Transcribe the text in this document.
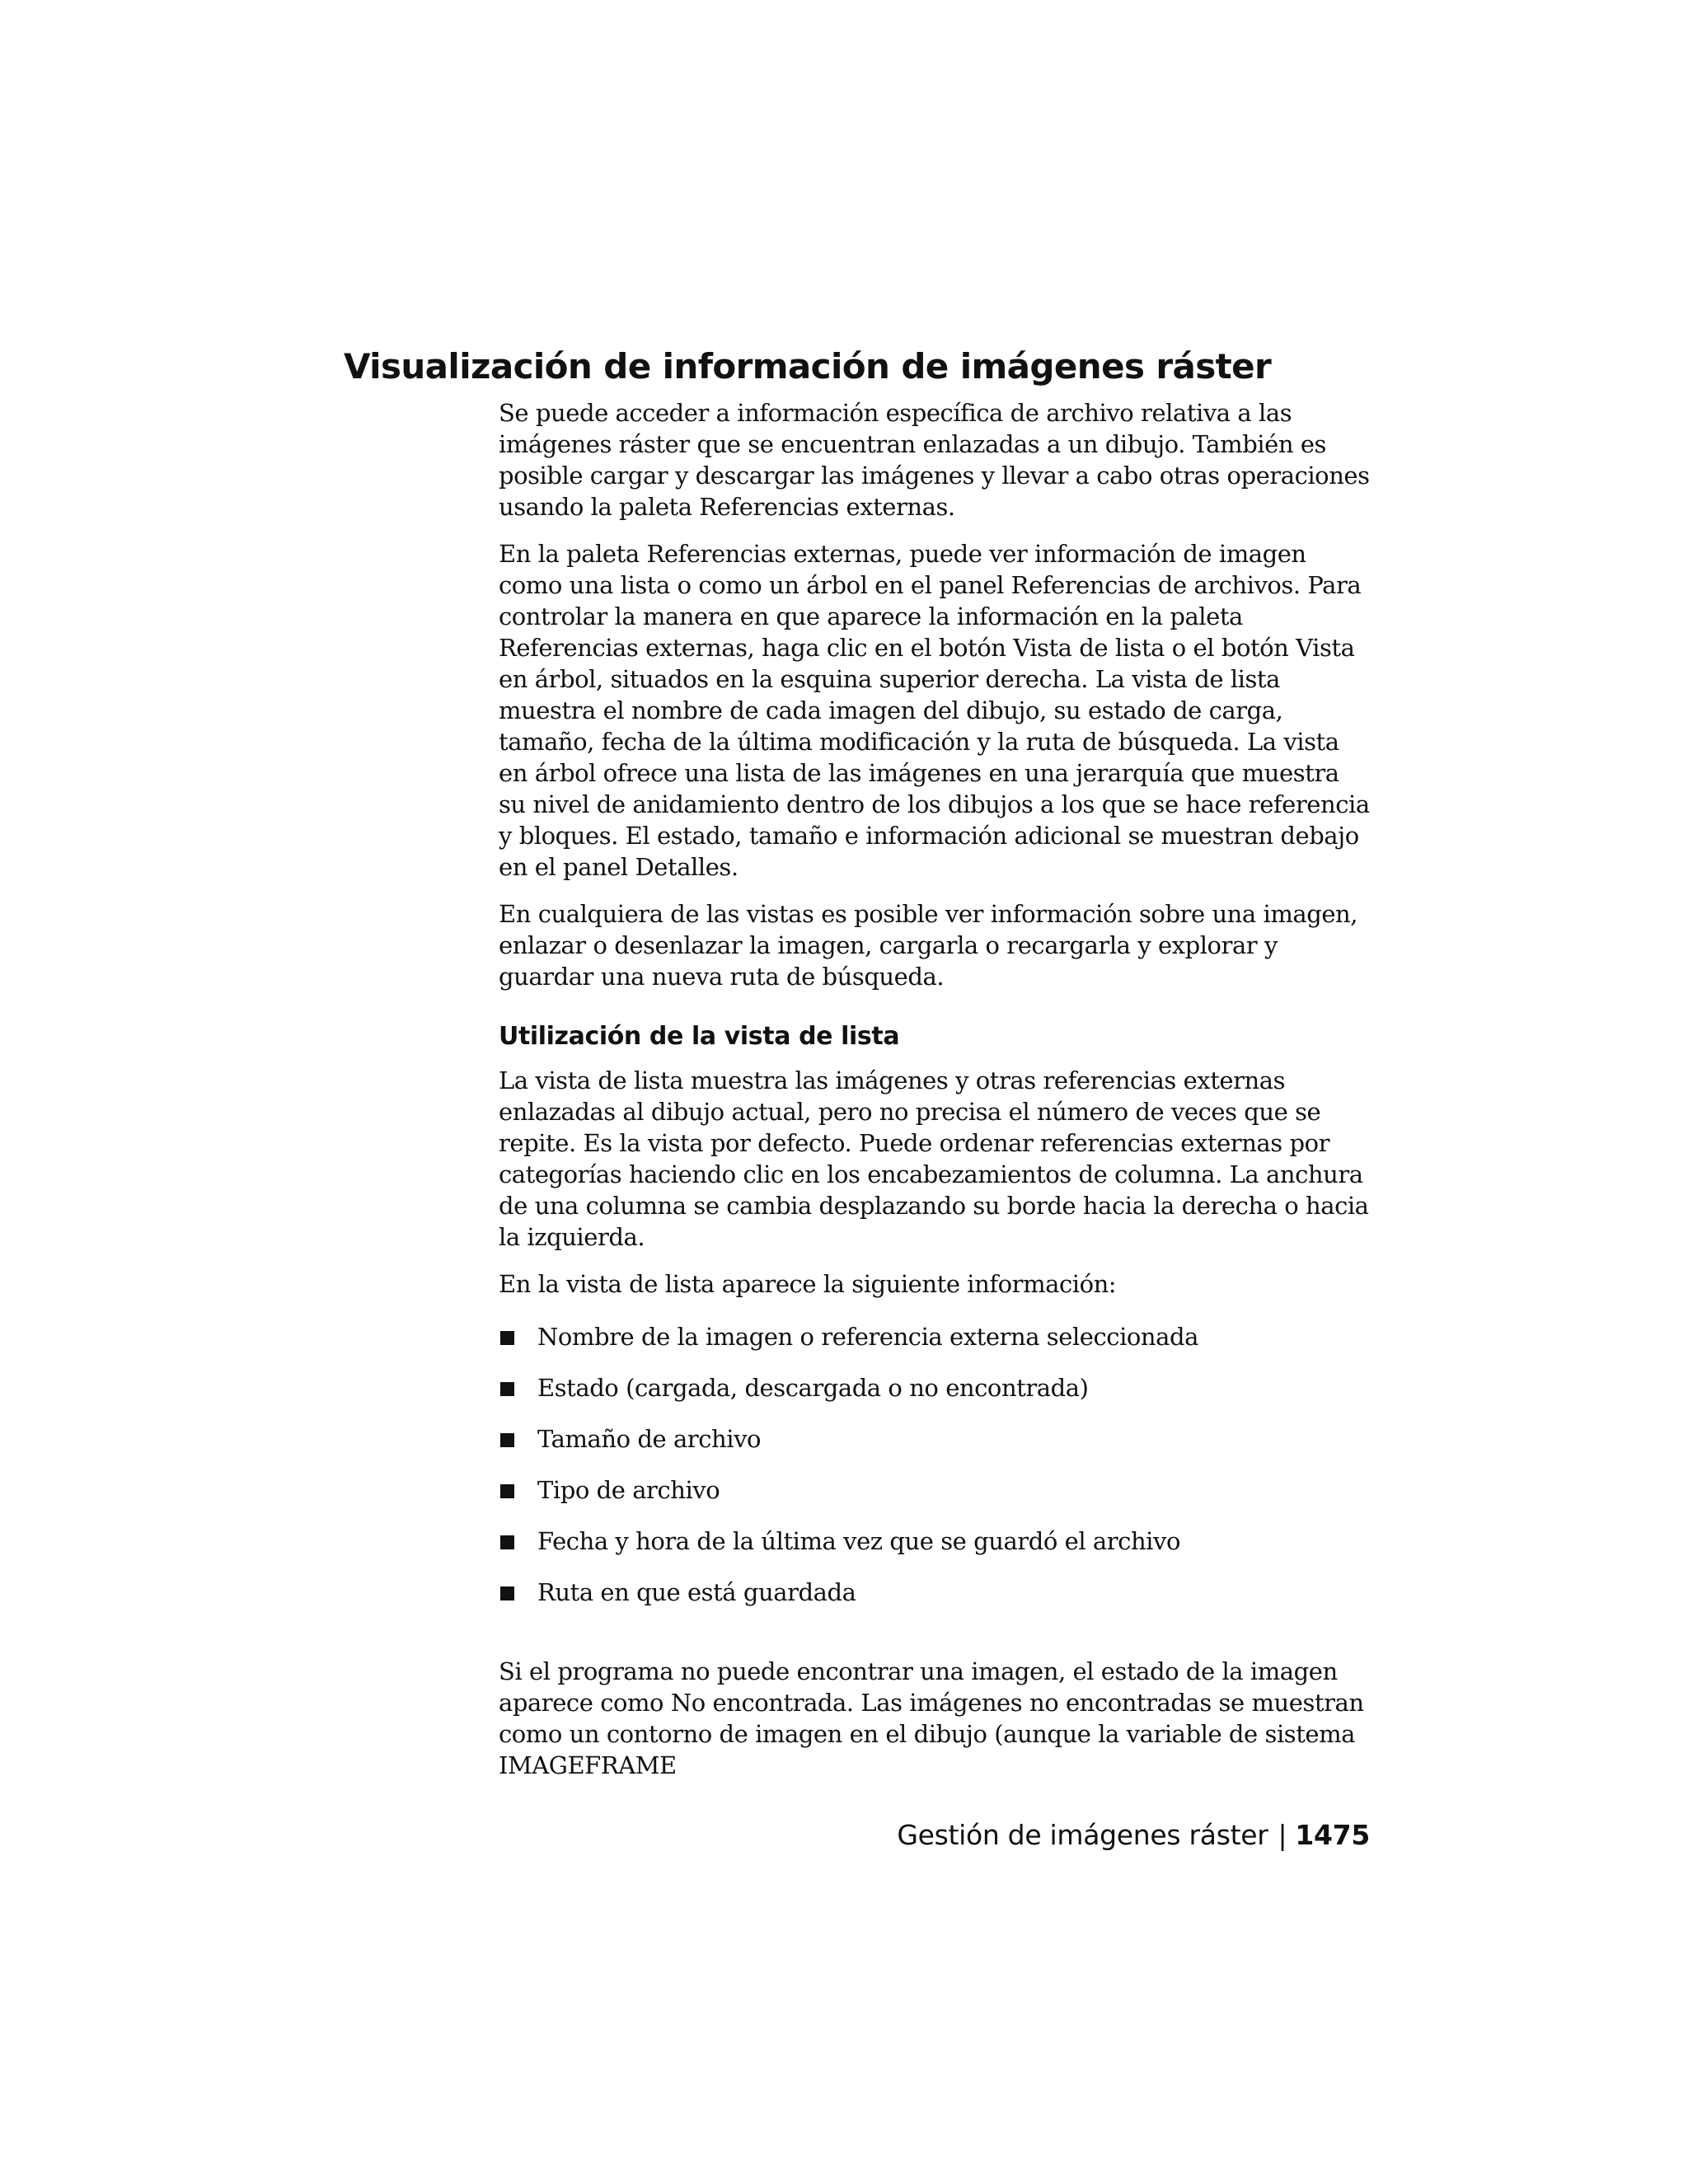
Visualización de información de imágenes ráster

Se puede acceder a información específica de archivo relativa a las imágenes ráster que se encuentran enlazadas a un dibujo. También es posible cargar y descargar las imágenes y llevar a cabo otras operaciones usando la paleta Referencias externas.

En la paleta Referencias externas, puede ver información de imagen como una lista o como un árbol en el panel Referencias de archivos. Para controlar la manera en que aparece la información en la paleta Referencias externas, haga clic en el botón Vista de lista o el botón Vista en árbol, situados en la esquina superior derecha. La vista de lista muestra el nombre de cada imagen del dibujo, su estado de carga, tamaño, fecha de la última modificación y la ruta de búsqueda. La vista en árbol ofrece una lista de las imágenes en una jerarquía que muestra su nivel de anidamiento dentro de los dibujos a los que se hace referencia y bloques. El estado, tamaño e información adicional se muestran debajo en el panel Detalles.

En cualquiera de las vistas es posible ver información sobre una imagen, enlazar o desenlazar la imagen, cargarla o recargarla y explorar y guardar una nueva ruta de búsqueda.

Utilización de la vista de lista

La vista de lista muestra las imágenes y otras referencias externas enlazadas al dibujo actual, pero no precisa el número de veces que se repite. Es la vista por defecto. Puede ordenar referencias externas por categorías haciendo clic en los encabezamientos de columna. La anchura de una columna se cambia desplazando su borde hacia la derecha o hacia la izquierda.

En la vista de lista aparece la siguiente información:

Nombre de la imagen o referencia externa seleccionada
Estado (cargada, descargada o no encontrada)
Tamaño de archivo
Tipo de archivo
Fecha y hora de la última vez que se guardó el archivo
Ruta en que está guardada

Si el programa no puede encontrar una imagen, el estado de la imagen aparece como No encontrada. Las imágenes no encontradas se muestran como un contorno de imagen en el dibujo (aunque la variable de sistema IMAGEFRAME

Gestión de imágenes ráster | 1475
